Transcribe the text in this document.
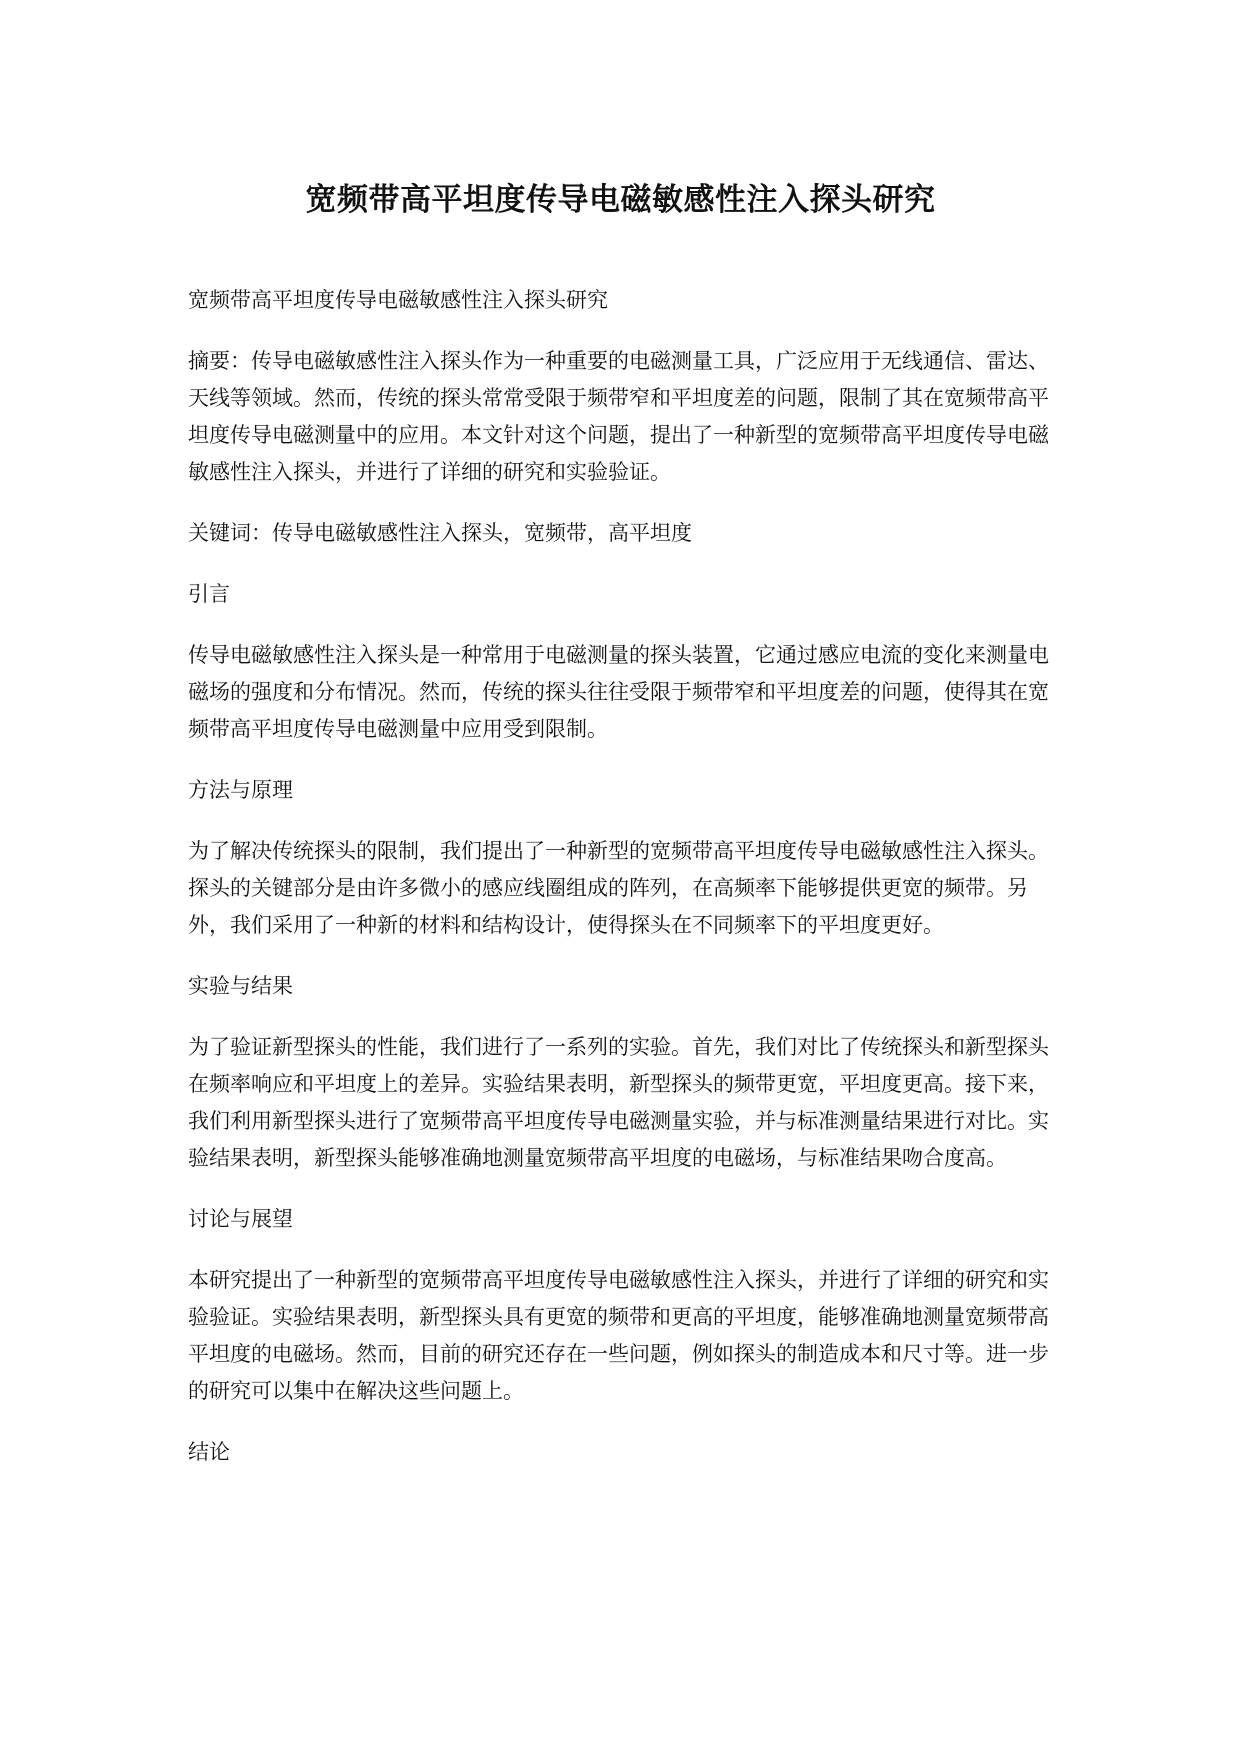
宽频带高平坦度传导电磁敏感性注入探头研究

宽频带高平坦度传导电磁敏感性注入探头研究

摘要：传导电磁敏感性注入探头作为一种重要的电磁测量工具，广泛应用于无线通信、雷达、天线等领域。然而，传统的探头常常受限于频带窄和平坦度差的问题，限制了其在宽频带高平坦度传导电磁测量中的应用。本文针对这个问题，提出了一种新型的宽频带高平坦度传导电磁敏感性注入探头，并进行了详细的研究和实验验证。

关键词：传导电磁敏感性注入探头，宽频带，高平坦度

引言

传导电磁敏感性注入探头是一种常用于电磁测量的探头装置，它通过感应电流的变化来测量电磁场的强度和分布情况。然而，传统的探头往往受限于频带窄和平坦度差的问题，使得其在宽频带高平坦度传导电磁测量中应用受到限制。

方法与原理

为了解决传统探头的限制，我们提出了一种新型的宽频带高平坦度传导电磁敏感性注入探头。探头的关键部分是由许多微小的感应线圈组成的阵列，在高频率下能够提供更宽的频带。另外，我们采用了一种新的材料和结构设计，使得探头在不同频率下的平坦度更好。

实验与结果

为了验证新型探头的性能，我们进行了一系列的实验。首先，我们对比了传统探头和新型探头在频率响应和平坦度上的差异。实验结果表明，新型探头的频带更宽，平坦度更高。接下来，我们利用新型探头进行了宽频带高平坦度传导电磁测量实验，并与标准测量结果进行对比。实验结果表明，新型探头能够准确地测量宽频带高平坦度的电磁场，与标准结果吻合度高。

讨论与展望

本研究提出了一种新型的宽频带高平坦度传导电磁敏感性注入探头，并进行了详细的研究和实验验证。实验结果表明，新型探头具有更宽的频带和更高的平坦度，能够准确地测量宽频带高平坦度的电磁场。然而，目前的研究还存在一些问题，例如探头的制造成本和尺寸等。进一步的研究可以集中在解决这些问题上。

结论
